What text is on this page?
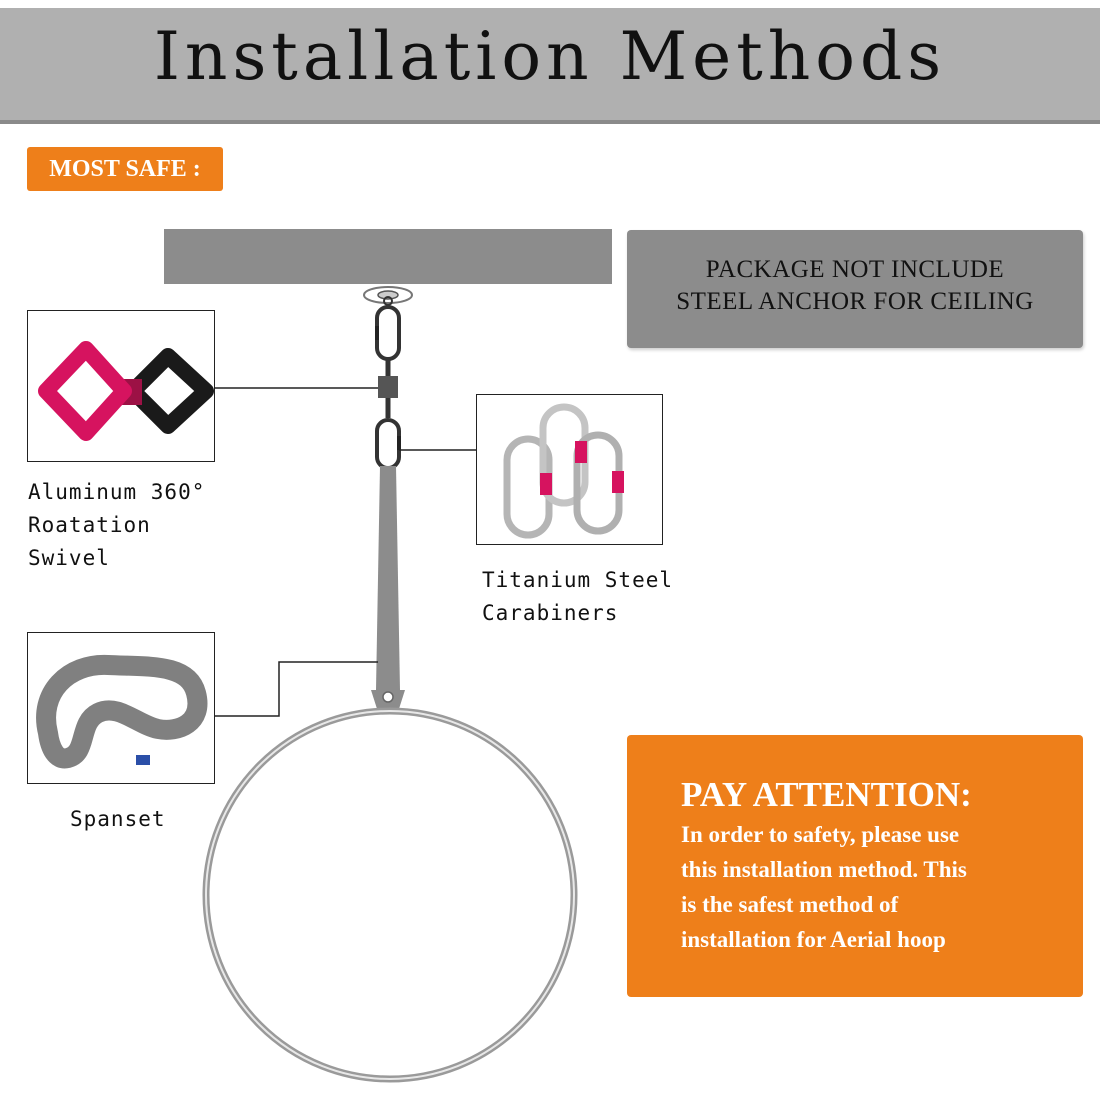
Installation Methods
MOST SAFE :
PACKAGE NOT INCLUDE
STEEL ANCHOR FOR CEILING
Aluminum 360°
Roatation
Swivel
Titanium Steel
Carabiners
Spanset
PAY ATTENTION:
In order to safety, please use
this installation method. This
is the safest method of
installation for Aerial hoop
